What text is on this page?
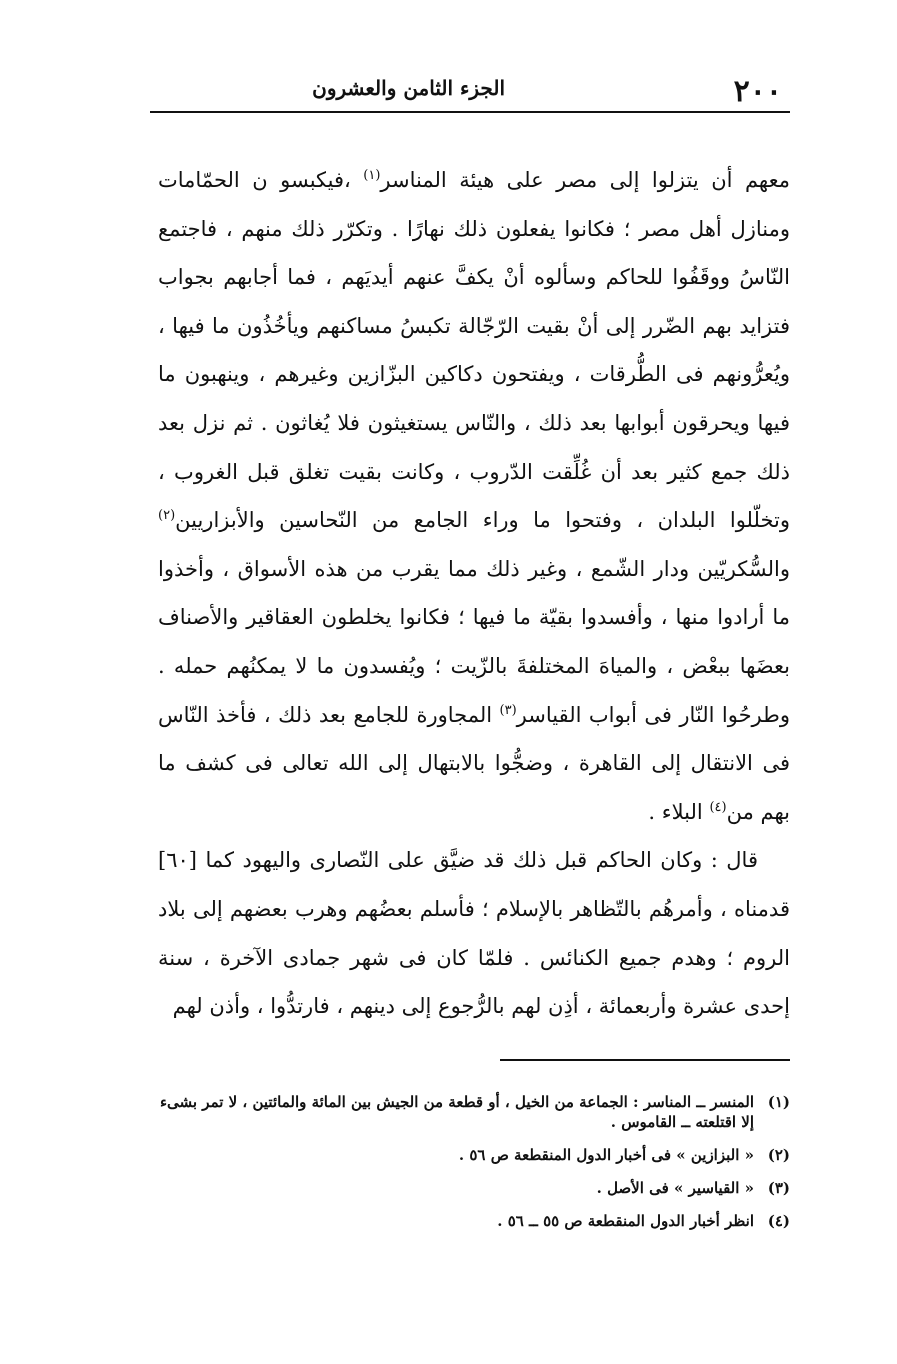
٢٠٠
الجزء الثامن والعشرون

معهم أن يتزلوا إلى مصر على هيئة المناسر$^{(١)}$ ،فيكبسو ن الحمّامات ومنازل أهل مصر ؛ فكانوا يفعلون ذلك نهارًا . وتكرّر ذلك منهم ، فاجتمع النّاسُ ووقَفُوا للحاكم وسألوه أنْ يكفَّ عنهم أيديَهم ، فما أجابهم بجواب فتزايد بهم الضّرر إلى أنْ بقيت الرّجّالة تكبسُ مساكنهم ويأخُذُون ما فيها ، ويُعرُّونهم فى الطُّرقات ، ويفتحون دكاكين البزّازين وغيرهم ، وينهبون ما فيها ويحرقون أبوابها بعد ذلك ، والنّاس يستغيثون فلا يُغاثون . ثم نزل بعد ذلك جمع كثير بعد أن غُلِّقت الدّروب ، وكانت بقيت تغلق قبل الغروب ، وتخلّلوا البلدان ، وفتحوا ما وراء الجامع من النّحاسين والأبزاريين$^{(٢)}$ والسُّكريّين ودار الشّمع ، وغير ذلك مما يقرب من هذه الأسواق ، وأخذوا ما أرادوا منها ، وأفسدوا بقيّة ما فيها ؛ فكانوا يخلطون العقاقير والأصناف بعضَها ببعْض ، والمياهَ المختلفةَ بالزّيت ؛ ويُفسدون ما لا يمكنُهم حمله . وطرحُوا النّار فى أبواب القياسر$^{(٣)}$ المجاورة للجامع بعد ذلك ، فأخذ النّاس فى الانتقال إلى القاهرة ، وضجُّوا بالابتهال إلى الله تعالى فى كشف ما بهم من$^{(٤)}$ البلاء .

قال : وكان الحاكم قبل ذلك قد ضيَّق على النّصارى واليهود كما [٦٠] قدمناه ، وأمرهُم بالتّظاهر بالإسلام ؛ فأسلم بعضُهم وهرب بعضهم إلى بلاد الروم ؛ وهدم جميع الكنائس . فلمّا كان فى شهر جمادى الآخرة ، سنة إحدى عشرة وأربعمائة ، أذِن لهم بالرُّجوع إلى دينهم ، فارتدُّوا ، وأذن لهم

(١)
المنسر ــ المناسر : الجماعة من الخيل ، أو قطعة من الجيش بين المائة والمائتين ، لا تمر بشىء إلا اقتلعته ــ القاموس .
(٢)
« البزازين » فى أخبار الدول المنقطعة ص ٥٦ .
(٣)
« القياسير » فى الأصل .
(٤)
انظر أخبار الدول المنقطعة ص ٥٥ ــ ٥٦ .
